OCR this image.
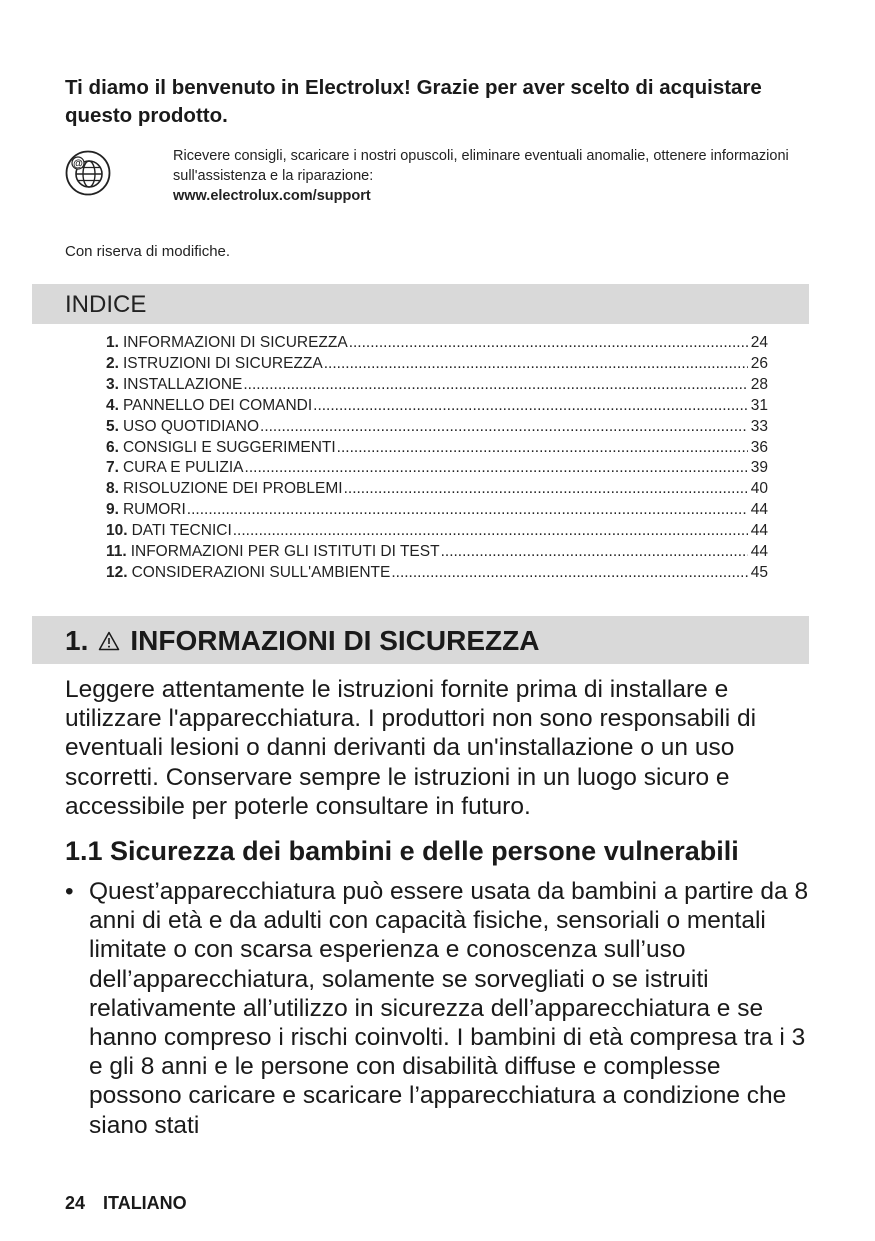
Ti diamo il benvenuto in Electrolux! Grazie per aver scelto di acquistare questo prodotto.
@	Ricevere consigli, scaricare i nostri opuscoli, eliminare eventuali anomalie, ottenere informazioni sull'assistenza e la riparazione:
www.electrolux.com/support
Con riserva di modifiche.
INDICE
1. INFORMAZIONI DI SICUREZZA .....	24
2. ISTRUZIONI DI SICUREZZA .....	26
3. INSTALLAZIONE .....	28
4. PANNELLO DEI COMANDI .....	31
5. USO QUOTIDIANO .....	33
6. CONSIGLI E SUGGERIMENTI .....	36
7. CURA E PULIZIA .....	39
8. RISOLUZIONE DEI PROBLEMI .....	40
9. RUMORI .....	44
10. DATI TECNICI .....	44
11. INFORMAZIONI PER GLI ISTITUTI DI TEST .....	44
12. CONSIDERAZIONI SULL'AMBIENTE .....	45
1. INFORMAZIONI DI SICUREZZA
Leggere attentamente le istruzioni fornite prima di installare e utilizzare l'apparecchiatura. I produttori non sono responsabili di eventuali lesioni o danni derivanti da un'installazione o un uso scorretti. Conservare sempre le istruzioni in un luogo sicuro e accessibile per poterle consultare in futuro.
1.1 Sicurezza dei bambini e delle persone vulnerabili
• Quest’apparecchiatura può essere usata da bambini a partire da 8 anni di età e da adulti con capacità fisiche, sensoriali o mentali limitate o con scarsa esperienza e conoscenza sull’uso dell’apparecchiatura, solamente se sorvegliati o se istruiti relativamente all’utilizzo in sicurezza dell’apparecchiatura e se hanno compreso i rischi coinvolti. I bambini di età compresa tra i 3 e gli 8 anni e le persone con disabilità diffuse e complesse possono caricare e scaricare l’apparecchiatura a condizione che siano stati
24 ITALIANO
